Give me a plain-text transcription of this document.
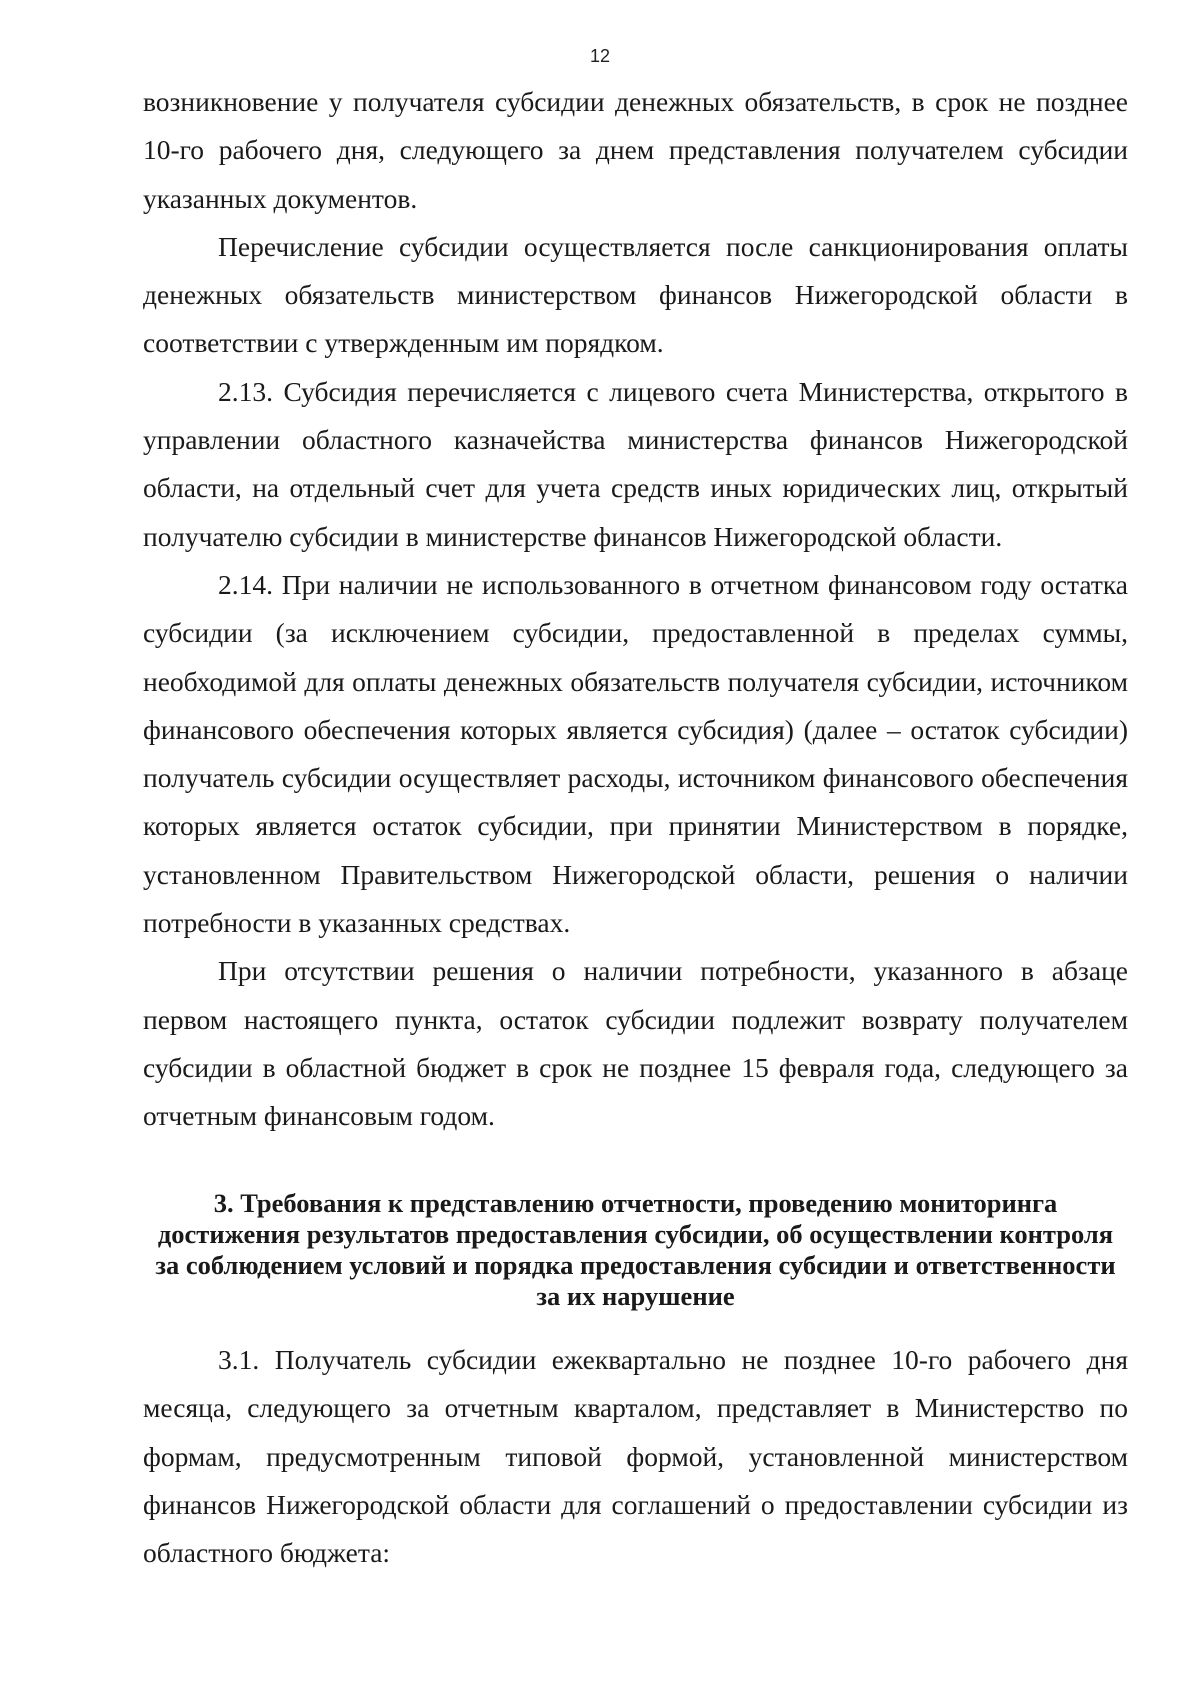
12

возникновение у получателя субсидии денежных обязательств, в срок не позднее 10-го рабочего дня, следующего за днем представления получателем субсидии указанных документов.

Перечисление субсидии осуществляется после санкционирования оплаты денежных обязательств министерством финансов Нижегородской области в соответствии с утвержденным им порядком.

2.13. Субсидия перечисляется с лицевого счета Министерства, открытого в управлении областного казначейства министерства финансов Нижегородской области, на отдельный счет для учета средств иных юридических лиц, открытый получателю субсидии в министерстве финансов Нижегородской области.

2.14. При наличии не использованного в отчетном финансовом году остатка субсидии (за исключением субсидии, предоставленной в пределах суммы, необходимой для оплаты денежных обязательств получателя субсидии, источником финансового обеспечения которых является субсидия) (далее – остаток субсидии) получатель субсидии осуществляет расходы, источником финансового обеспечения которых является остаток субсидии, при принятии Министерством в порядке, установленном Правительством Нижегородской области, решения о наличии потребности в указанных средствах.

При отсутствии решения о наличии потребности, указанного в абзаце первом настоящего пункта, остаток субсидии подлежит возврату получателем субсидии в областной бюджет в срок не позднее 15 февраля года, следующего за отчетным финансовым годом.

3. Требования к представлению отчетности, проведению мониторинга достижения результатов предоставления субсидии, об осуществлении контроля за соблюдением условий и порядка предоставления субсидии и ответственности за их нарушение

3.1. Получатель субсидии ежеквартально не позднее 10-го рабочего дня месяца, следующего за отчетным кварталом, представляет в Министерство по формам, предусмотренным типовой формой, установленной министерством финансов Нижегородской области для соглашений о предоставлении субсидии из областного бюджета:
